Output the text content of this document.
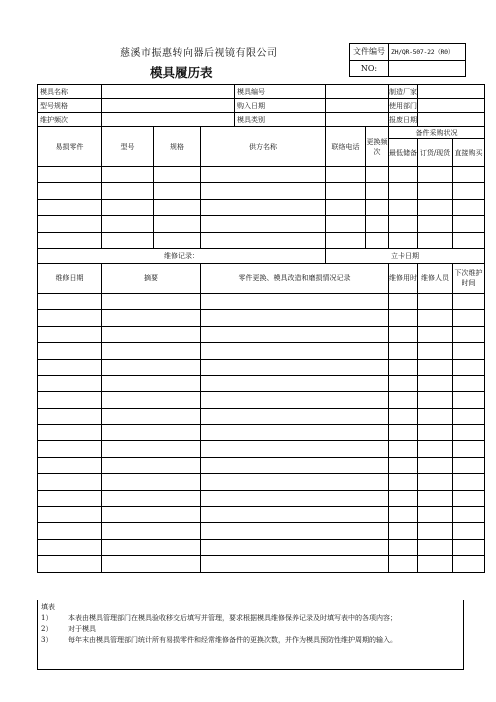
慈溪市振惠转向器后视镜有限公司
模具履历表
文件编号 ZH/QR-507-22（R0）
NO:
模具名称				模具编号			制造厂家		
型号规格				购入日期			使用部门		
维护频次				模具类别			报废日期		
易损零件	型号	规格	供方名称		联络电话	更换频次	备件采购状况		
							最低储备	订货/现货	直接购买

维修记录：					立卡日期				
维修日期	摘要		零件更换、模具改造和磨损情况记录				维修用时	维修人员	下次维护时间

填表
1）	本表由模具管理部门在模具验收移交后填写并管理，要求根据模具维修保养记录及时填写表中的各项内容；
2）	对于模具
3）	每年末由模具管理部门统计所有易损零件和经常维修备件的更换次数，并作为模具预防性维护周期的输入。
